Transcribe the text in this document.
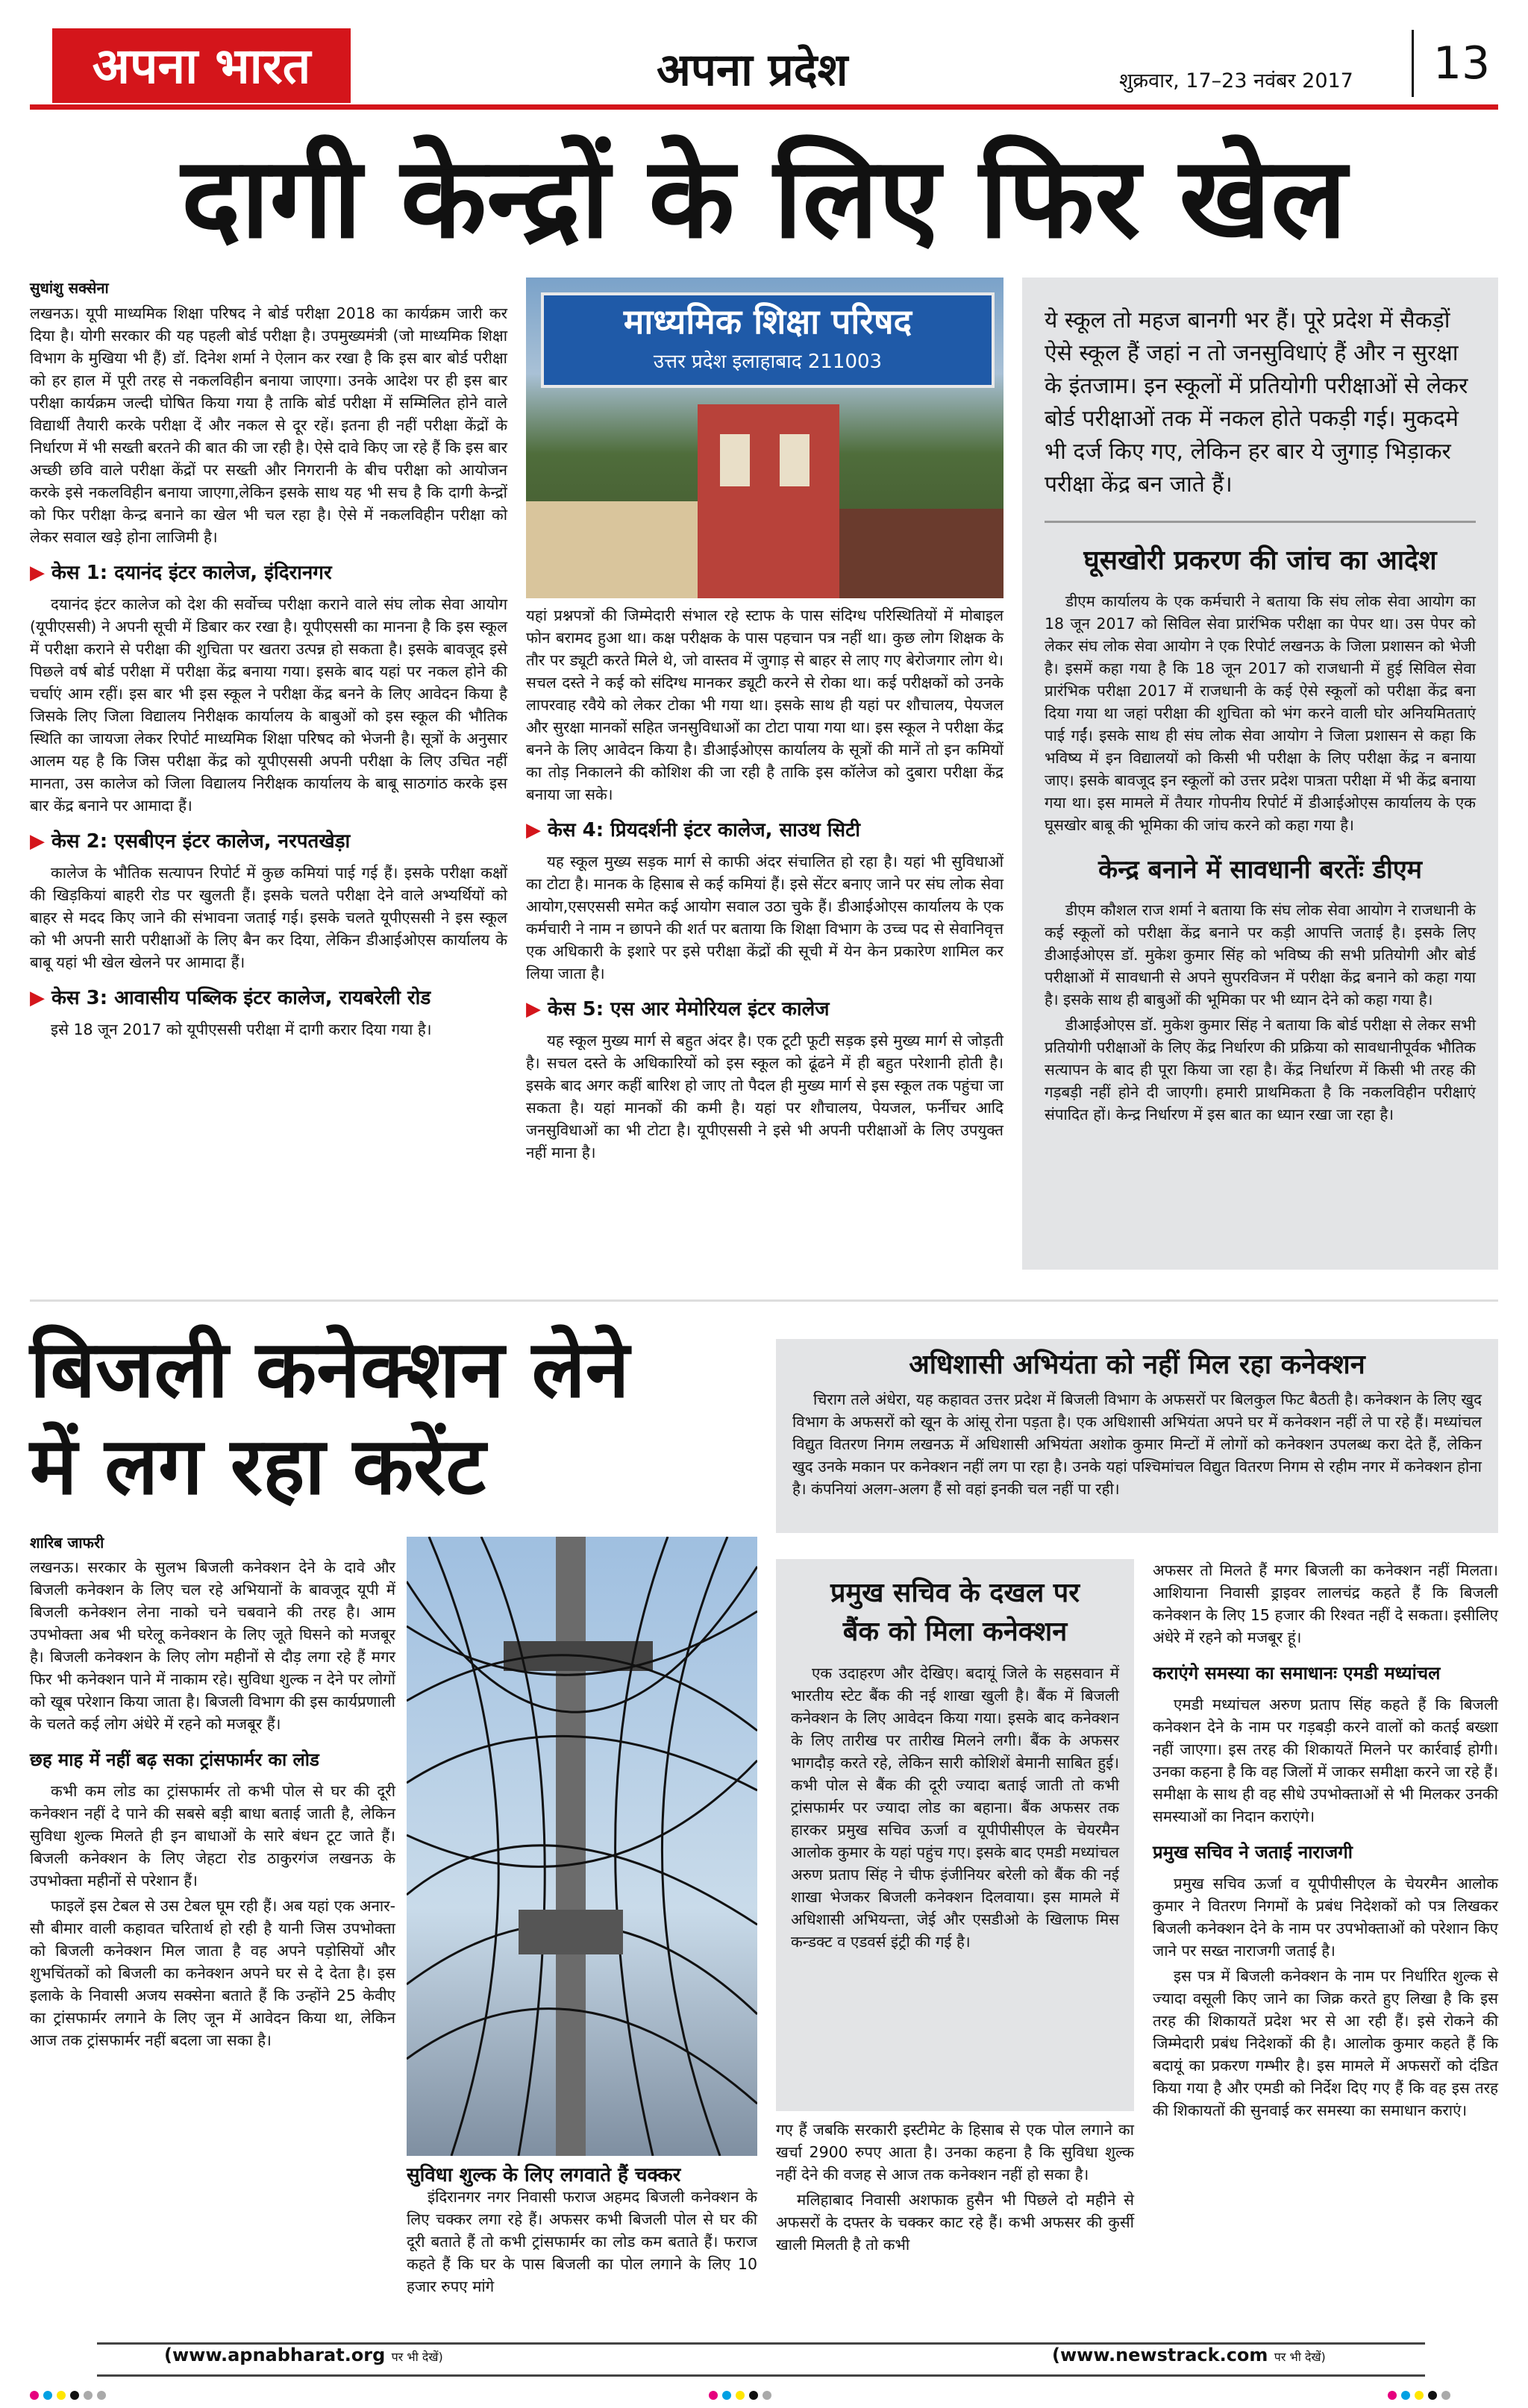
अपना भारत	अपना प्रदेश	शुक्रवार, 17–23 नवंबर 2017	13
दागी केन्द्रों के लिए फिर खेल
सुधांशु सक्सेना

लखनऊ। यूपी माध्यमिक शिक्षा परिषद ने बोर्ड परीक्षा 2018 का कार्यक्रम जारी कर दिया है। योगी सरकार की यह पहली बोर्ड परीक्षा है। उपमुख्यमंत्री (जो माध्यमिक शिक्षा विभाग के मुखिया भी हैं) डॉ. दिनेश शर्मा ने ऐलान कर रखा है कि इस बार बोर्ड परीक्षा को हर हाल में पूरी तरह से नकलविहीन बनाया जाएगा। उनके आदेश पर ही इस बार परीक्षा कार्यक्रम जल्दी घोषित किया गया है ताकि बोर्ड परीक्षा में सम्मिलित होने वाले विद्यार्थी तैयारी करके परीक्षा दें और नकल से दूर रहें। इतना ही नहीं परीक्षा केंद्रों के निर्धारण में भी सख्ती बरतने की बात की जा रही है। ऐसे दावे किए जा रहे हैं कि इस बार अच्छी छवि वाले परीक्षा केंद्रों पर सख्ती और निगरानी के बीच परीक्षा को आयोजन करके इसे नकलविहीन बनाया जाएगा,लेकिन इसके साथ यह भी सच है कि दागी केन्द्रों को फिर परीक्षा केन्द्र बनाने का खेल भी चल रहा है। ऐसे में नकलविहीन परीक्षा को लेकर सवाल खड़े होना लाजिमी है।

▶ केस 1: दयानंद इंटर कालेज, इंदिरानगर

दयानंद इंटर कालेज को देश की सर्वोच्च परीक्षा कराने वाले संघ लोक सेवा आयोग (यूपीएससी) ने अपनी सूची में डिबार कर रखा है। यूपीएससी का मानना है कि इस स्कूल में परीक्षा कराने से परीक्षा की शुचिता पर खतरा उत्पन्न हो सकता है। इसके बावजूद इसे पिछले वर्ष बोर्ड परीक्षा में परीक्षा केंद्र बनाया गया। इसके बाद यहां पर नकल होने की चर्चाएं आम रहीं। इस बार भी इस स्कूल ने परीक्षा केंद्र बनने के लिए आवेदन किया है जिसके लिए जिला विद्यालय निरीक्षक कार्यालय के बाबुओं को इस स्कूल की भौतिक स्थिति का जायजा लेकर रिपोर्ट माध्यमिक शिक्षा परिषद को भेजनी है। सूत्रों के अनुसार आलम यह है कि जिस परीक्षा केंद्र को यूपीएससी अपनी परीक्षा के लिए उचित नहीं मानता, उस कालेज को जिला विद्यालय निरीक्षक कार्यालय के बाबू साठगांठ करके इस बार केंद्र बनाने पर आमादा हैं।

▶ केस 2: एसबीएन इंटर कालेज, नरपतखेड़ा

कालेज के भौतिक सत्यापन रिपोर्ट में कुछ कमियां पाई गई हैं। इसके परीक्षा कक्षों की खिड़कियां बाहरी रोड पर खुलती हैं। इसके चलते परीक्षा देने वाले अभ्यर्थियों को बाहर से मदद किए जाने की संभावना जताई गई। इसके चलते यूपीएससी ने इस स्कूल को भी अपनी सारी परीक्षाओं के लिए बैन कर दिया, लेकिन डीआईओएस कार्यालय के बाबू यहां भी खेल खेलने पर आमादा हैं।

▶ केस 3: आवासीय पब्लिक इंटर कालेज, रायबरेली रोड

इसे 18 जून 2017 को यूपीएससी परीक्षा में दागी करार दिया गया है।

माध्यमिक शिक्षा परिषद
उत्तर प्रदेश इलाहाबाद 211003

यहां प्रश्नपत्रों की जिम्मेदारी संभाल रहे स्टाफ के पास संदिग्ध परिस्थितियों में मोबाइल फोन बरामद हुआ था। कक्ष परीक्षक के पास पहचान पत्र नहीं था। कुछ लोग शिक्षक के तौर पर ड्यूटी करते मिले थे, जो वास्तव में जुगाड़ से बाहर से लाए गए बेरोजगार लोग थे। सचल दस्ते ने कई को संदिग्ध मानकर ड्यूटी करने से रोका था। कई परीक्षकों को उनके लापरवाह रवैये को लेकर टोका भी गया था। इसके साथ ही यहां पर शौचालय, पेयजल और सुरक्षा मानकों सहित जनसुविधाओं का टोटा पाया गया था। इस स्कूल ने परीक्षा केंद्र बनने के लिए आवेदन किया है। डीआईओएस कार्यालय के सूत्रों की मानें तो इन कमियों का तोड़ निकालने की कोशिश की जा रही है ताकि इस कॉलेज को दुबारा परीक्षा केंद्र बनाया जा सके।

▶ केस 4: प्रियदर्शनी इंटर कालेज, साउथ सिटी

यह स्कूल मुख्य सड़क मार्ग से काफी अंदर संचालित हो रहा है। यहां भी सुविधाओं का टोटा है। मानक के हिसाब से कई कमियां हैं। इसे सेंटर बनाए जाने पर संघ लोक सेवा आयोग,एसएससी समेत कई आयोग सवाल उठा चुके हैं। डीआईओएस कार्यालय के एक कर्मचारी ने नाम न छापने की शर्त पर बताया कि शिक्षा विभाग के उच्च पद से सेवानिवृत्त एक अधिकारी के इशारे पर इसे परीक्षा केंद्रों की सूची में येन केन प्रकारेण शामिल कर लिया जाता है।

▶ केस 5: एस आर मेमोरियल इंटर कालेज

यह स्कूल मुख्य मार्ग से बहुत अंदर है। एक टूटी फूटी सड़क इसे मुख्य मार्ग से जोड़ती है। सचल दस्ते के अधिकारियों को इस स्कूल को ढूंढने में ही बहुत परेशानी होती है। इसके बाद अगर कहीं बारिश हो जाए तो पैदल ही मुख्य मार्ग से इस स्कूल तक पहुंचा जा सकता है। यहां मानकों की कमी है। यहां पर शौचालय, पेयजल, फर्नीचर आदि जनसुविधाओं का भी टोटा है। यूपीएससी ने इसे भी अपनी परीक्षाओं के लिए उपयुक्त नहीं माना है।

ये स्कूल तो महज बानगी भर हैं। पूरे प्रदेश में सैकड़ों ऐसे स्कूल हैं जहां न तो जनसुविधाएं हैं और न सुरक्षा के इंतजाम। इन स्कूलों में प्रतियोगी परीक्षाओं से लेकर बोर्ड परीक्षाओं तक में नकल होते पकड़ी गई। मुकदमे भी दर्ज किए गए, लेकिन हर बार ये जुगाड़ भिड़ाकर परीक्षा केंद्र बन जाते हैं।
घूसखोरी प्रकरण की जांच का आदेश

डीएम कार्यालय के एक कर्मचारी ने बताया कि संघ लोक सेवा आयोग का 18 जून 2017 को सिविल सेवा प्रारंभिक परीक्षा का पेपर था। उस पेपर को लेकर संघ लोक सेवा आयोग ने एक रिपोर्ट लखनऊ के जिला प्रशासन को भेजी है। इसमें कहा गया है कि 18 जून 2017 को राजधानी में हुई सिविल सेवा प्रारंभिक परीक्षा 2017 में राजधानी के कई ऐसे स्कूलों को परीक्षा केंद्र बना दिया गया था जहां परीक्षा की शुचिता को भंग करने वाली घोर अनियमितताएं पाई गईं। इसके साथ ही संघ लोक सेवा आयोग ने जिला प्रशासन से कहा कि भविष्य में इन विद्यालयों को किसी भी परीक्षा के लिए परीक्षा केंद्र न बनाया जाए। इसके बावजूद इन स्कूलों को उत्तर प्रदेश पात्रता परीक्षा में भी केंद्र बनाया गया था। इस मामले में तैयार गोपनीय रिपोर्ट में डीआईओएस कार्यालय के एक घूसखोर बाबू की भूमिका की जांच करने को कहा गया है।

केन्द्र बनाने में सावधानी बरतेंः डीएम

डीएम कौशल राज शर्मा ने बताया कि संघ लोक सेवा आयोग ने राजधानी के कई स्कूलों को परीक्षा केंद्र बनाने पर कड़ी आपत्ति जताई है। इसके लिए डीआईओएस डॉ. मुकेश कुमार सिंह को भविष्य की सभी प्रतियोगी और बोर्ड परीक्षाओं में सावधानी से अपने सुपरविजन में परीक्षा केंद्र बनाने को कहा गया है। इसके साथ ही बाबुओं की भूमिका पर भी ध्यान देने को कहा गया है।

डीआईओएस डॉ. मुकेश कुमार सिंह ने बताया कि बोर्ड परीक्षा से लेकर सभी प्रतियोगी परीक्षाओं के लिए केंद्र निर्धारण की प्रक्रिया को सावधानीपूर्वक भौतिक सत्यापन के बाद ही पूरा किया जा रहा है। केंद्र निर्धारण में किसी भी तरह की गड़बड़ी नहीं होने दी जाएगी। हमारी प्राथमिकता है कि नकलविहीन परीक्षाएं संपादित हों। केन्द्र निर्धारण में इस बात का ध्यान रखा जा रहा है।

बिजली कनेक्शन लेने
में लग रहा करेंट
शारिब जाफरी

लखनऊ। सरकार के सुलभ बिजली कनेक्शन देने के दावे और बिजली कनेक्शन के लिए चल रहे अभियानों के बावजूद यूपी में बिजली कनेक्शन लेना नाको चने चबवाने की तरह है। आम उपभोक्ता अब भी घरेलू कनेक्शन के लिए जूते घिसने को मजबूर है। बिजली कनेक्शन के लिए लोग महीनों से दौड़ लगा रहे हैं मगर फिर भी कनेक्शन पाने में नाकाम रहे। सुविधा शुल्क न देने पर लोगों को खूब परेशान किया जाता है। बिजली विभाग की इस कार्यप्रणाली के चलते कई लोग अंधेरे में रहने को मजबूर हैं।

छह माह में नहीं बढ़ सका ट्रांसफार्मर का लोड

कभी कम लोड का ट्रांसफार्मर तो कभी पोल से घर की दूरी कनेक्शन नहीं दे पाने की सबसे बड़ी बाधा बताई जाती है, लेकिन सुविधा शुल्क मिलते ही इन बाधाओं के सारे बंधन टूट जाते हैं। बिजली कनेक्शन के लिए जेहटा रोड ठाकुरगंज लखनऊ के उपभोक्ता महीनों से परेशान हैं।

फाइलें इस टेबल से उस टेबल घूम रही हैं। अब यहां एक अनार-सौ बीमार वाली कहावत चरितार्थ हो रही है यानी जिस उपभोक्ता को बिजली कनेक्शन मिल जाता है वह अपने पड़ोसियों और शुभचिंतकों को बिजली का कनेक्शन अपने घर से दे देता है। इस इलाके के निवासी अजय सक्सेना बताते हैं कि उन्होंने 25 केवीए का ट्रांसफार्मर लगाने के लिए जून में आवेदन किया था, लेकिन आज तक ट्रांसफार्मर नहीं बदला जा सका है।

सुविधा शुल्क के लिए लगवाते हैं चक्कर

इंदिरानगर नगर निवासी फराज अहमद बिजली कनेक्शन के लिए चक्कर लगा रहे हैं। अफसर कभी बिजली पोल से घर की दूरी बताते हैं तो कभी ट्रांसफार्मर का लोड कम बताते हैं। फराज कहते हैं कि घर के पास बिजली का पोल लगाने के लिए 10 हजार रुपए मांगे

अधिशासी अभियंता को नहीं मिल रहा कनेक्शन

चिराग तले अंधेरा, यह कहावत उत्तर प्रदेश में बिजली विभाग के अफसरों पर बिलकुल फिट बैठती है। कनेक्शन के लिए खुद विभाग के अफसरों को खून के आंसू रोना पड़ता है। एक अधिशासी अभियंता अपने घर में कनेक्शन नहीं ले पा रहे हैं। मध्यांचल विद्युत वितरण निगम लखनऊ में अधिशासी अभियंता अशोक कुमार मिन्टों में लोगों को कनेक्शन उपलब्ध करा देते हैं, लेकिन खुद उनके मकान पर कनेक्शन नहीं लग पा रहा है। उनके यहां पश्चिमांचल विद्युत वितरण निगम से रहीम नगर में कनेक्शन होना है। कंपनियां अलग-अलग हैं सो वहां इनकी चल नहीं पा रही।

प्रमुख सचिव के दखल पर
बैंक को मिला कनेक्शन

एक उदाहरण और देखिए। बदायूं जिले के सहसवान में भारतीय स्टेट बैंक की नई शाखा खुली है। बैंक में बिजली कनेक्शन के लिए आवेदन किया गया। इसके बाद कनेक्शन के लिए तारीख पर तारीख मिलने लगी। बैंक के अफसर भागदौड़ करते रहे, लेकिन सारी कोशिशें बेमानी साबित हुई। कभी पोल से बैंक की दूरी ज्यादा बताई जाती तो कभी ट्रांसफार्मर पर ज्यादा लोड का बहाना। बैंक अफसर तक हारकर प्रमुख सचिव ऊर्जा व यूपीपीसीएल के चेयरमैन आलोक कुमार के यहां पहुंच गए। इसके बाद एमडी मध्यांचल अरुण प्रताप सिंह ने चीफ इंजीनियर बरेली को बैंक की नई शाखा भेजकर बिजली कनेक्शन दिलवाया। इस मामले में अधिशासी अभियन्ता, जेई और एसडीओ के खिलाफ मिस कन्डक्ट व एडवर्स इंट्री की गई है।

गए हैं जबकि सरकारी इस्टीमेट के हिसाब से एक पोल लगाने का खर्चा 2900 रुपए आता है। उनका कहना है कि सुविधा शुल्क नहीं देने की वजह से आज तक कनेक्शन नहीं हो सका है।

मलिहाबाद निवासी अशफाक हुसैन भी पिछले दो महीने से अफसरों के दफ्तर के चक्कर काट रहे हैं। कभी अफसर की कुर्सी खाली मिलती है तो कभी

अफसर तो मिलते हैं मगर बिजली का कनेक्शन नहीं मिलता। आशियाना निवासी ड्राइवर लालचंद्र कहते हैं कि बिजली कनेक्शन के लिए 15 हजार की रिश्वत नहीं दे सकता। इसीलिए अंधेरे में रहने को मजबूर हूं।

कराएंगे समस्या का समाधानः एमडी मध्यांचल

एमडी मध्यांचल अरुण प्रताप सिंह कहते हैं कि बिजली कनेक्शन देने के नाम पर गड़बड़ी करने वालों को कतई बख्शा नहीं जाएगा। इस तरह की शिकायतें मिलने पर कार्रवाई होगी। उनका कहना है कि वह जिलों में जाकर समीक्षा करने जा रहे हैं। समीक्षा के साथ ही वह सीधे उपभोक्ताओं से भी मिलकर उनकी समस्याओं का निदान कराएंगे।

प्रमुख सचिव ने जताई नाराजगी

प्रमुख सचिव ऊर्जा व यूपीपीसीएल के चेयरमैन आलोक कुमार ने वितरण निगमों के प्रबंध निदेशकों को पत्र लिखकर बिजली कनेक्शन देने के नाम पर उपभोक्ताओं को परेशान किए जाने पर सख्त नाराजगी जताई है।

इस पत्र में बिजली कनेक्शन के नाम पर निर्धारित शुल्क से ज्यादा वसूली किए जाने का जिक्र करते हुए लिखा है कि इस तरह की शिकायतें प्रदेश भर से आ रही हैं। इसे रोकने की जिम्मेदारी प्रबंध निदेशकों की है। आलोक कुमार कहते हैं कि बदायूं का प्रकरण गम्भीर है। इस मामले में अफसरों को दंडित किया गया है और एमडी को निर्देश दिए गए हैं कि वह इस तरह की शिकायतों की सुनवाई कर समस्या का समाधान कराएं।

(www.apnabharat.org पर भी देखें)	(www.newstrack.com पर भी देखें)
